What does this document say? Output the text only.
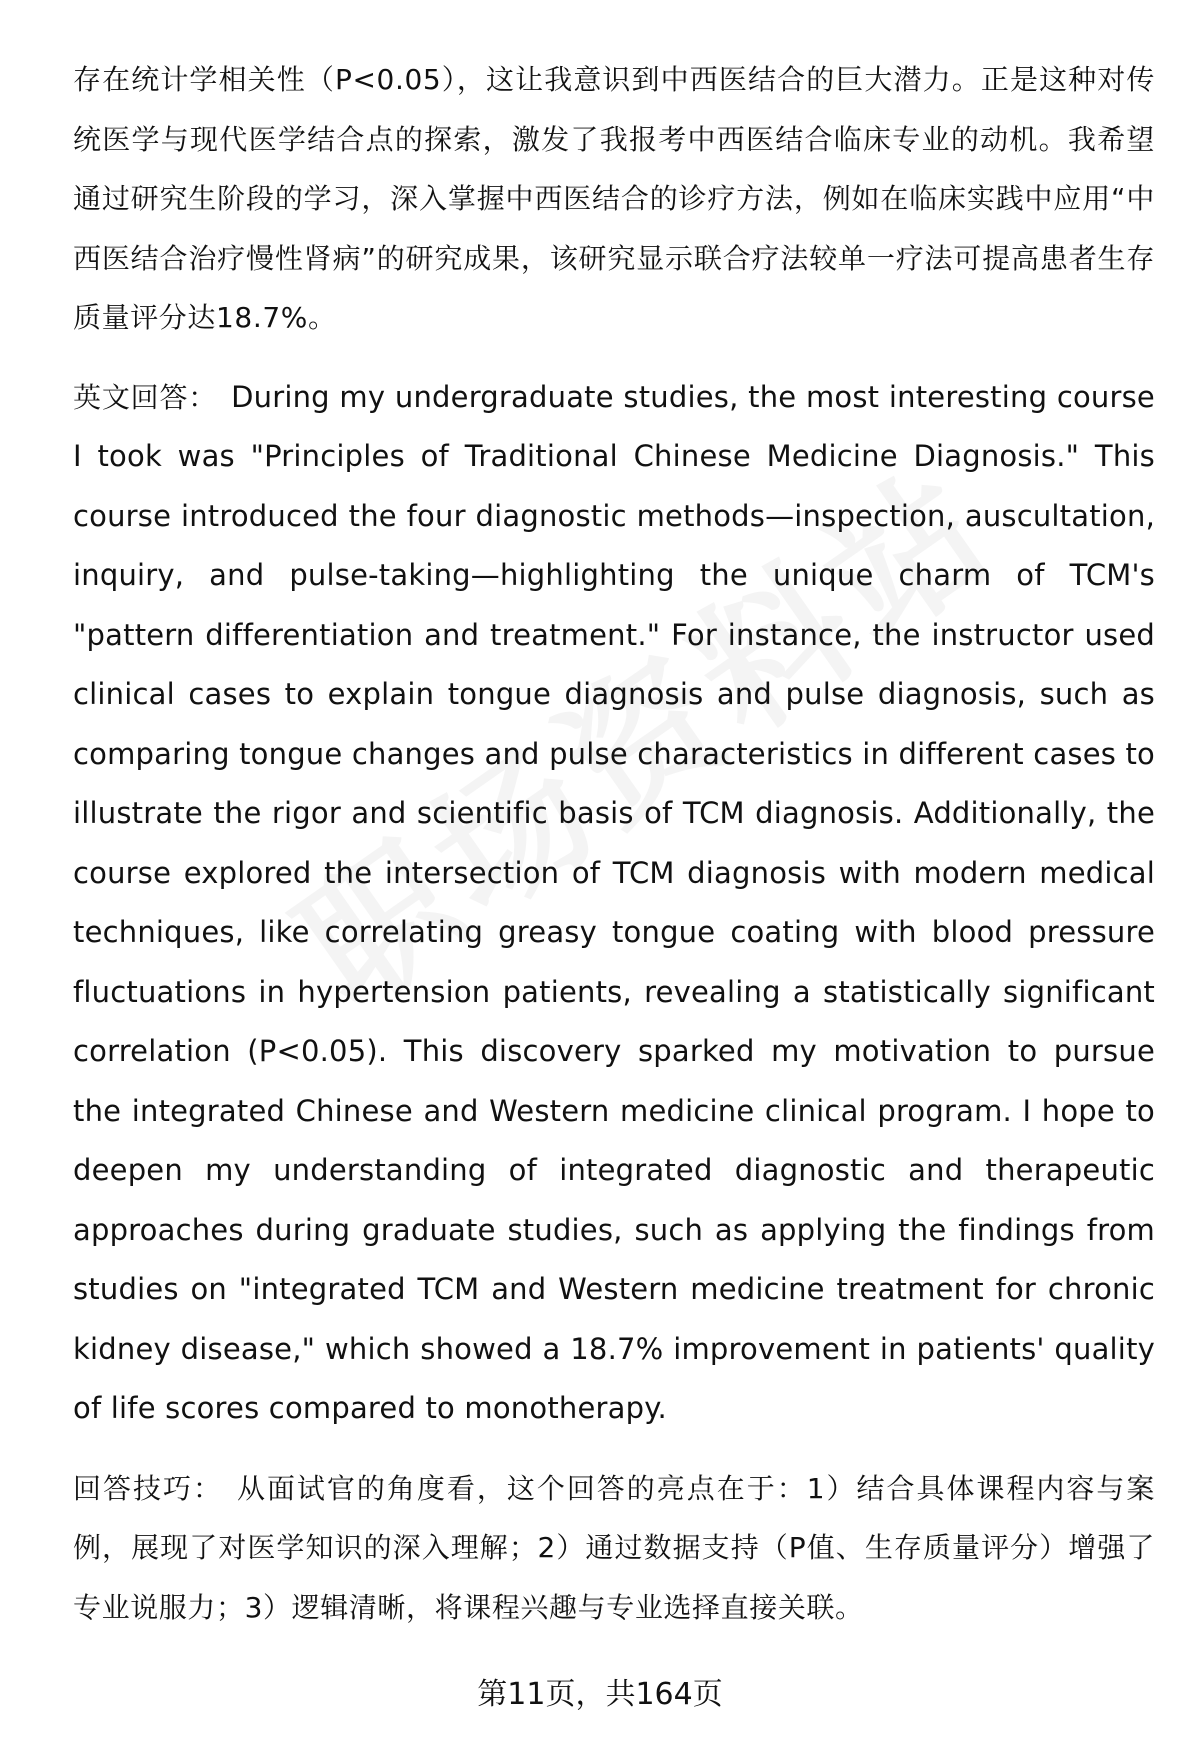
存在统计学相关性（P<0.05），这让我意识到中西医结合的巨大潜力。正是这种对传统医学与现代医学结合点的探索，激发了我报考中西医结合临床专业的动机。我希望通过研究生阶段的学习，深入掌握中西医结合的诊疗方法，例如在临床实践中应用“中西医结合治疗慢性肾病”的研究成果，该研究显示联合疗法较单一疗法可提高患者生存质量评分达18.7%。

英文回答： During my undergraduate studies, the most interesting course I took was "Principles of Traditional Chinese Medicine Diagnosis." This course introduced the four diagnostic methods—inspection, auscultation, inquiry, and pulse-taking—highlighting the unique charm of TCM's "pattern differentiation and treatment." For instance, the instructor used clinical cases to explain tongue diagnosis and pulse diagnosis, such as comparing tongue changes and pulse characteristics in different cases to illustrate the rigor and scientific basis of TCM diagnosis. Additionally, the course explored the intersection of TCM diagnosis with modern medical techniques, like correlating greasy tongue coating with blood pressure fluctuations in hypertension patients, revealing a statistically significant correlation (P<0.05). This discovery sparked my motivation to pursue the integrated Chinese and Western medicine clinical program. I hope to deepen my understanding of integrated diagnostic and therapeutic approaches during graduate studies, such as applying the findings from studies on "integrated TCM and Western medicine treatment for chronic kidney disease," which showed a 18.7% improvement in patients' quality of life scores compared to monotherapy.

回答技巧： 从面试官的角度看，这个回答的亮点在于：1）结合具体课程内容与案例，展现了对医学知识的深入理解；2）通过数据支持（P值、生存质量评分）增强了专业说服力；3）逻辑清晰，将课程兴趣与专业选择直接关联。

第11页，共164页
